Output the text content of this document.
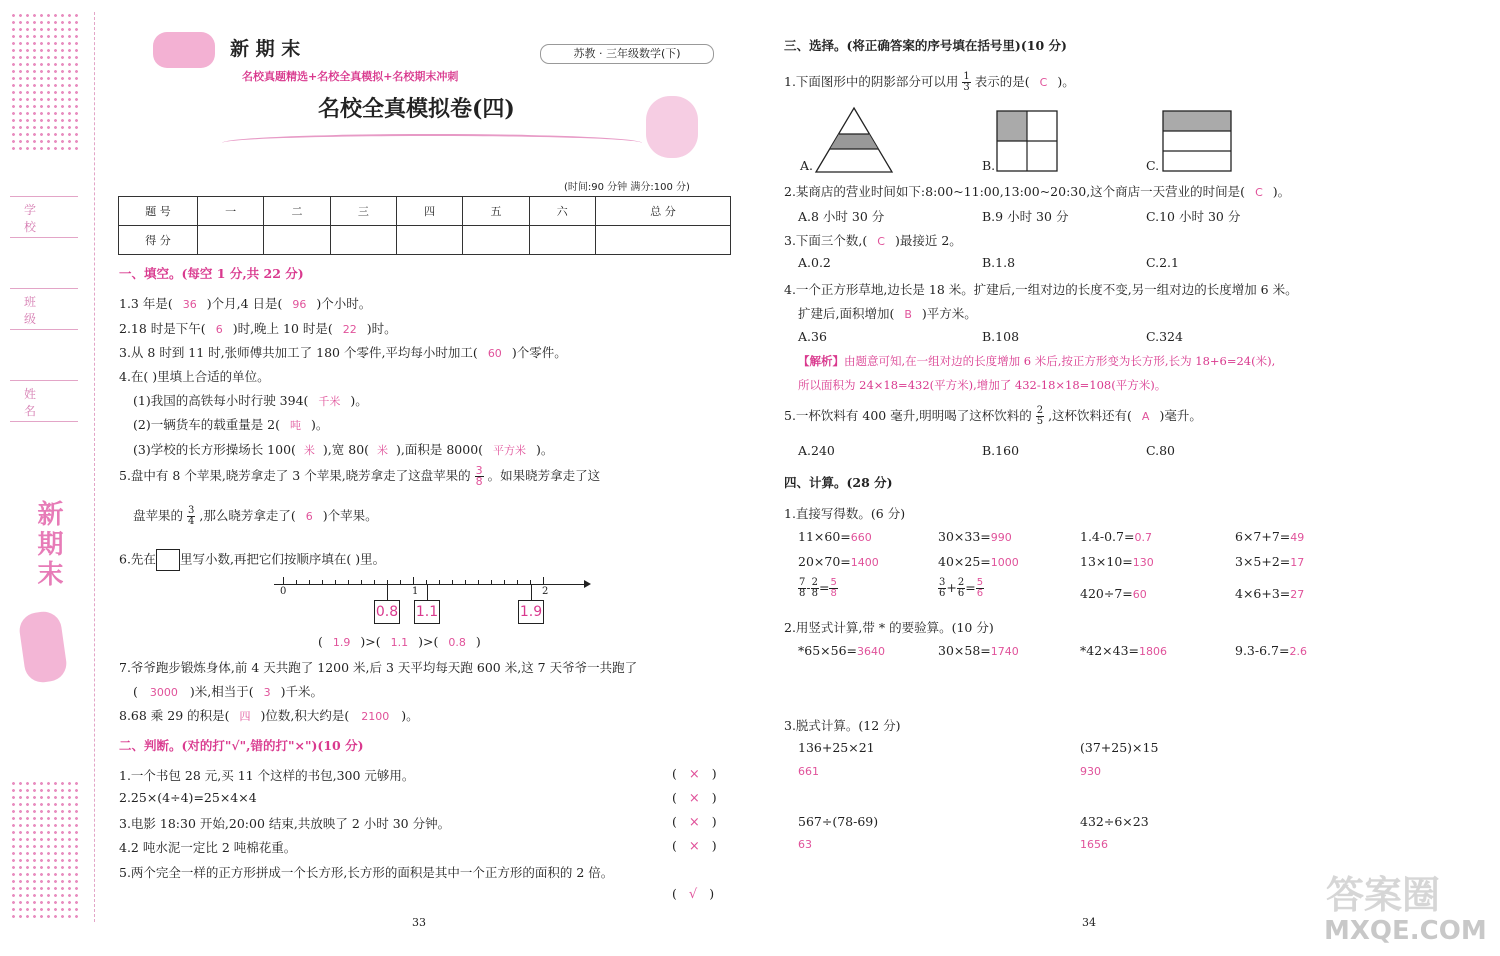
学 校
班 级
姓 名
新期末
新 期 末	苏教 · 三年级数学(下)
名校真题精选+名校全真模拟+名校期末冲刺
名校全真模拟卷(四)
(时间:90 分钟 满分:100 分)
题 号	一	二	三	四	五	六	总 分
得 分							
一、填空。(每空 1 分,共 22 分)
1.3 年是( 36 )个月,4 日是( 96 )个小时。
2.18 时是下午( 6 )时,晚上 10 时是( 22 )时。
3.从 8 时到 11 时,张师傅共加工了 180 个零件,平均每小时加工( 60 )个零件。
4.在( )里填上合适的单位。
(1)我国的高铁每小时行驶 394( 千米 )。
(2)一辆货车的载重量是 2( 吨 )。
(3)学校的长方形操场长 100( 米 ),宽 80( 米 ),面积是 8000( 平方米 )。
5.盘中有 8 个苹果,晓芳拿走了 3 个苹果,晓芳拿走了这盘苹果的 $\frac{3}{8}$ 。如果晓芳拿走了这
盘苹果的 $\frac{3}{4}$ ,那么晓芳拿走了( 6 )个苹果。
6.先在 里写小数,再把它们按顺序填在( )里。
0	1	2
0.8 1.1	1.9
( 1.9 )>( 1.1 )>( 0.8 )
7.爷爷跑步锻炼身体,前 4 天共跑了 1200 米,后 3 天平均每天跑 600 米,这 7 天爷爷一共跑了
( 3000 )米,相当于( 3 )千米。
8.68 乘 29 的积是( 四 )位数,积大约是( 2100 )。
二、判断。(对的打"√",错的打"×")(10 分)
1.一个书包 28 元,买 11 个这样的书包,300 元够用。	( × )
2.25×(4÷4)=25×4×4	( × )
3.电影 18:30 开始,20:00 结束,共放映了 2 小时 30 分钟。	( × )
4.2 吨水泥一定比 2 吨棉花重。	( × )
5.两个完全一样的正方形拼成一个长方形,长方形的面积是其中一个正方形的面积的 2 倍。
( √ )
33
三、选择。(将正确答案的序号填在括号里)(10 分)
1.下面图形中的阴影部分可以用 $\frac{1}{3}$ 表示的是( C )。
A.	B.	C.
2.某商店的营业时间如下:8:00~11:00,13:00~20:30,这个商店一天营业的时间是( C )。
A.8 小时 30 分	B.9 小时 30 分	C.10 小时 30 分
3.下面三个数,( C )最接近 2。
A.0.2	B.1.8	C.2.1
4.一个正方形草地,边长是 18 米。扩建后,一组对边的长度不变,另一组对边的长度增加 6 米。
扩建后,面积增加( B )平方米。
A.36	B.108	C.324
【解析】由题意可知,在一组对边的长度增加 6 米后,按正方形变为长方形,长为 18+6=24(米),
所以面积为 24×18=432(平方米),增加了 432-18×18=108(平方米)。
5.一杯饮料有 400 毫升,明明喝了这杯饮料的 $\frac{2}{5}$ ,这杯饮料还有( A )毫升。
A.240	B.160	C.80
四、计算。(28 分)
1.直接写得数。(6 分)
11×60=660	30×33=990	1.4-0.7=0.7	6×7+7=49
20×70=1400	40×25=1000	13×10=130	3×5+2=17
$\frac{7}{8} - \frac{2}{8} = \frac{5}{8}$	$\frac{3}{6} + \frac{2}{6} = \frac{5}{6}$	420÷7=60	4×6+3=27
2.用竖式计算,带 * 的要验算。(10 分)
*65×56=3640	30×58=1740	*42×43=1806	9.3-6.7=2.6
3.脱式计算。(12 分)
136+25×21
661
(37+25)×15
930
567÷(78-69)
63
432÷6×23
1656
34
答案圈
MXQE.COM
